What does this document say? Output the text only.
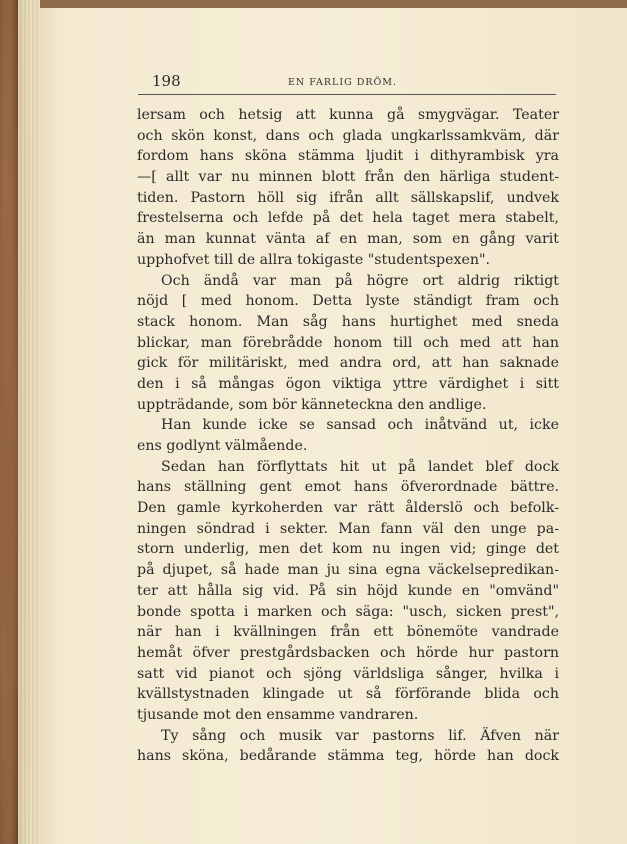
198	EN FARLIG DRÖM.
lersam och hetsig att kunna gå smygvägar. Teater
och skön konst, dans och glada ungkarlssamkväm, där
fordom hans sköna stämma ljudit i dithyrambisk yra
—[ allt var nu minnen blott från den härliga student-
tiden. Pastorn höll sig ifrån allt sällskapslif, undvek
frestelserna och lefde på det hela taget mera stabelt,
än man kunnat vänta af en man, som en gång varit
upphofvet till de allra tokigaste "studentspexen".
Och ändå var man på högre ort aldrig riktigt
nöjd [ med honom. Detta lyste ständigt fram och
stack honom. Man såg hans hurtighet med sneda
blickar, man förebrådde honom till och med att han
gick för militäriskt, med andra ord, att han saknade
den i så mångas ögon viktiga yttre värdighet i sitt
uppträdande, som bör känneteckna den andlige.
Han kunde icke se sansad och inåtvänd ut, icke
ens godlynt välmående.
Sedan han förflyttats hit ut på landet blef dock
hans ställning gent emot hans öfverordnade bättre.
Den gamle kyrkoherden var rätt ålderslö och befolk-
ningen söndrad i sekter. Man fann väl den unge pa-
storn underlig, men det kom nu ingen vid; ginge det
på djupet, så hade man ju sina egna väckelsepredikan-
ter att hålla sig vid. På sin höjd kunde en "omvänd"
bonde spotta i marken och säga: "usch, sicken prest",
när han i kvällningen från ett bönemöte vandrade
hemåt öfver prestgårdsbacken och hörde hur pastorn
satt vid pianot och sjöng världsliga sånger, hvilka i
kvällstystnaden klingade ut så förförande blida och
tjusande mot den ensamme vandraren.
Ty sång och musik var pastorns lif. Äfven när
hans sköna, bedårande stämma teg, hörde han dock
